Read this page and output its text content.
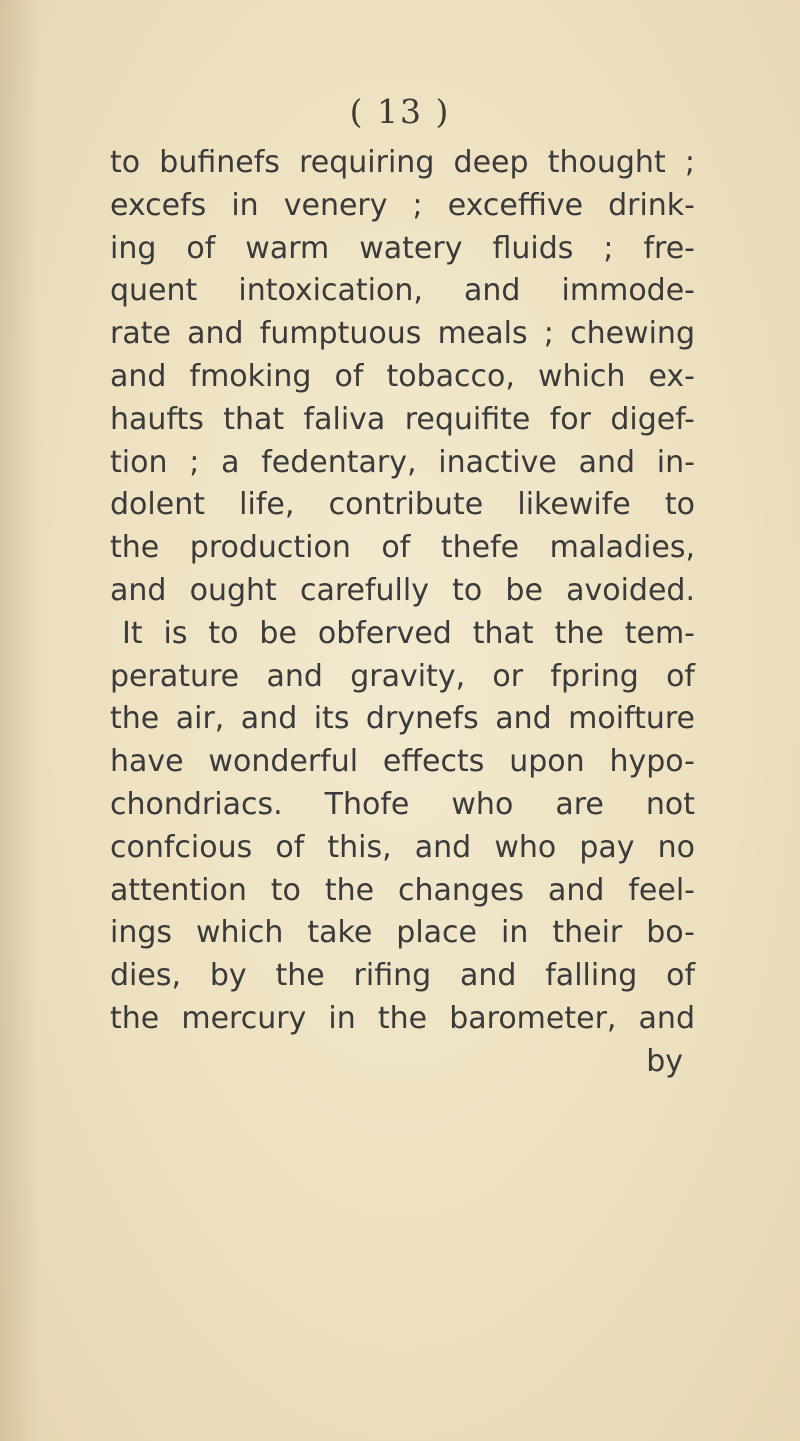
( 13 )
to bufinefs requiring deep thought ;
excefs in venery ; exceffive drink-
ing of warm watery fluids ; fre-
quent intoxication, and immode-
rate and fumptuous meals ; chewing
and fmoking of tobacco, which ex-
haufts that faliva requifite for digef-
tion ; a fedentary, inactive and in-
dolent life, contribute likewife to
the production of thefe maladies,
and ought carefully to be avoided.
It is to be obferved that the tem-
perature and gravity, or fpring of
the air, and its drynefs and moifture
have wonderful effects upon hypo-
chondriacs. Thofe who are not
confcious of this, and who pay no
attention to the changes and feel-
ings which take place in their bo-
dies, by the rifing and falling of
the mercury in the barometer, and
by
